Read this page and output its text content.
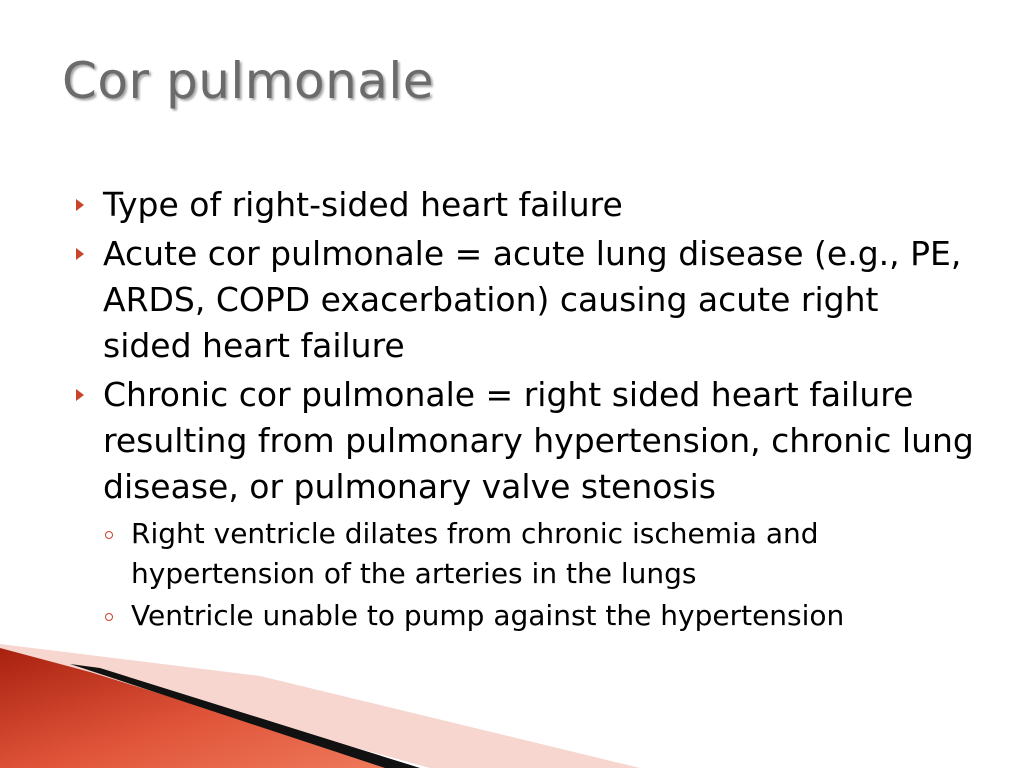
Cor pulmonale
Type of right-sided heart failure
Acute cor pulmonale = acute lung disease (e.g., PE, ARDS, COPD exacerbation) causing acute right sided heart failure
Chronic cor pulmonale = right sided heart failure resulting from pulmonary hypertension, chronic lung disease, or pulmonary valve stenosis
Right ventricle dilates from chronic ischemia and hypertension of the arteries in the lungs
Ventricle unable to pump against the hypertension
